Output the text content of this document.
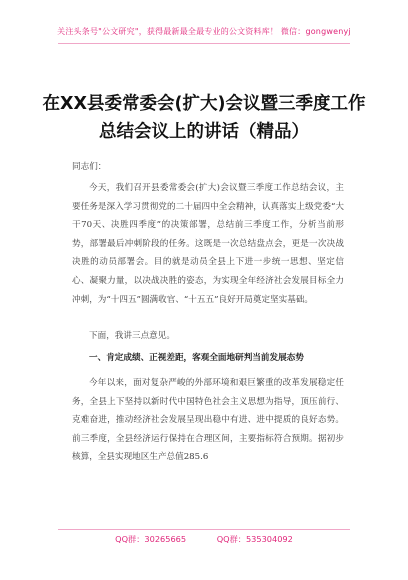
关注头条号"公文研究"，获得最新最全最专业的公文资料库！ 微信：gongwenyj
在XX县委常委会(扩大)会议暨三季度工作总结会议上的讲话（精品）
同志们：
今天，我们召开县委常委会(扩大)会议暨三季度工作总结会议，主要任务是深入学习贯彻党的二十届四中全会精神，认真落实上级党委“大干70天、决胜四季度”的决策部署，总结前三季度工作，分析当前形势，部署最后冲刺阶段的任务。这既是一次总结盘点会，更是一次决战决胜的动员部署会。目的就是动员全县上下进一步统一思想、坚定信心、凝聚力量，以决战决胜的姿态，为实现全年经济社会发展目标全力冲刺，为“十四五”圆满收官、“十五五”良好开局奠定坚实基础。
下面，我讲三点意见。
一、肯定成绩、正视差距，客观全面地研判当前发展态势
今年以来，面对复杂严峻的外部环境和艰巨繁重的改革发展稳定任务，全县上下坚持以新时代中国特色社会主义思想为指导，顶压前行、克难奋进，推动经济社会发展呈现出稳中有进、进中提质的良好态势。前三季度，全县经济运行保持在合理区间，主要指标符合预期。据初步核算，全县实现地区生产总值285.6
QQ群：30265665	QQ群：535304092
